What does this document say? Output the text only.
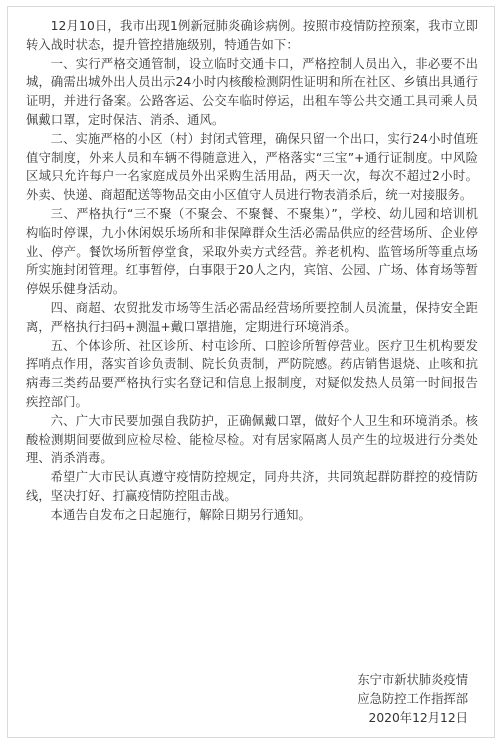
12月10日，我市出现1例新冠肺炎确诊病例。按照市疫情防控预案，我市立即转入战时状态，提升管控措施级别，特通告如下：

一、实行严格交通管制，设立临时交通卡口，严格控制人员出入，非必要不出城，确需出城外出人员出示24小时内核酸检测阴性证明和所在社区、乡镇出具通行证明，并进行备案。公路客运、公交车临时停运，出租车等公共交通工具司乘人员佩戴口罩，定时保洁、消杀、通风。

二、实施严格的小区（村）封闭式管理，确保只留一个出口，实行24小时值班值守制度，外来人员和车辆不得随意进入，严格落实“三宝”+通行证制度。中风险区域只允许每户一名家庭成员外出采购生活用品，两天一次，每次不超过2小时。外卖、快递、商超配送等物品交由小区值守人员进行物表消杀后，统一对接服务。

三、严格执行“三不聚（不聚会、不聚餐、不聚集）”，学校、幼儿园和培训机构临时停课，九小休闲娱乐场所和非保障群众生活必需品供应的经营场所、企业停业、停产。餐饮场所暂停堂食，采取外卖方式经营。养老机构、监管场所等重点场所实施封闭管理。红事暂停，白事限于20人之内，宾馆、公园、广场、体育场等暂停娱乐健身活动。

四、商超、农贸批发市场等生活必需品经营场所要控制人员流量，保持安全距离，严格执行扫码+测温+戴口罩措施，定期进行环境消杀。

五、个体诊所、社区诊所、村屯诊所、口腔诊所暂停营业。医疗卫生机构要发挥哨点作用，落实首诊负责制、院长负责制，严防院感。药店销售退烧、止咳和抗病毒三类药品要严格执行实名登记和信息上报制度，对疑似发热人员第一时间报告疾控部门。

六、广大市民要加强自我防护，正确佩戴口罩，做好个人卫生和环境消杀。核酸检测期间要做到应检尽检、能检尽检。对有居家隔离人员产生的垃圾进行分类处理、消杀消毒。

希望广大市民认真遵守疫情防控规定，同舟共济，共同筑起群防群控的疫情防线，坚决打好、打赢疫情防控阻击战。

本通告自发布之日起施行，解除日期另行通知。

东宁市新状肺炎疫情

应急防控工作指挥部

2020年12月12日
